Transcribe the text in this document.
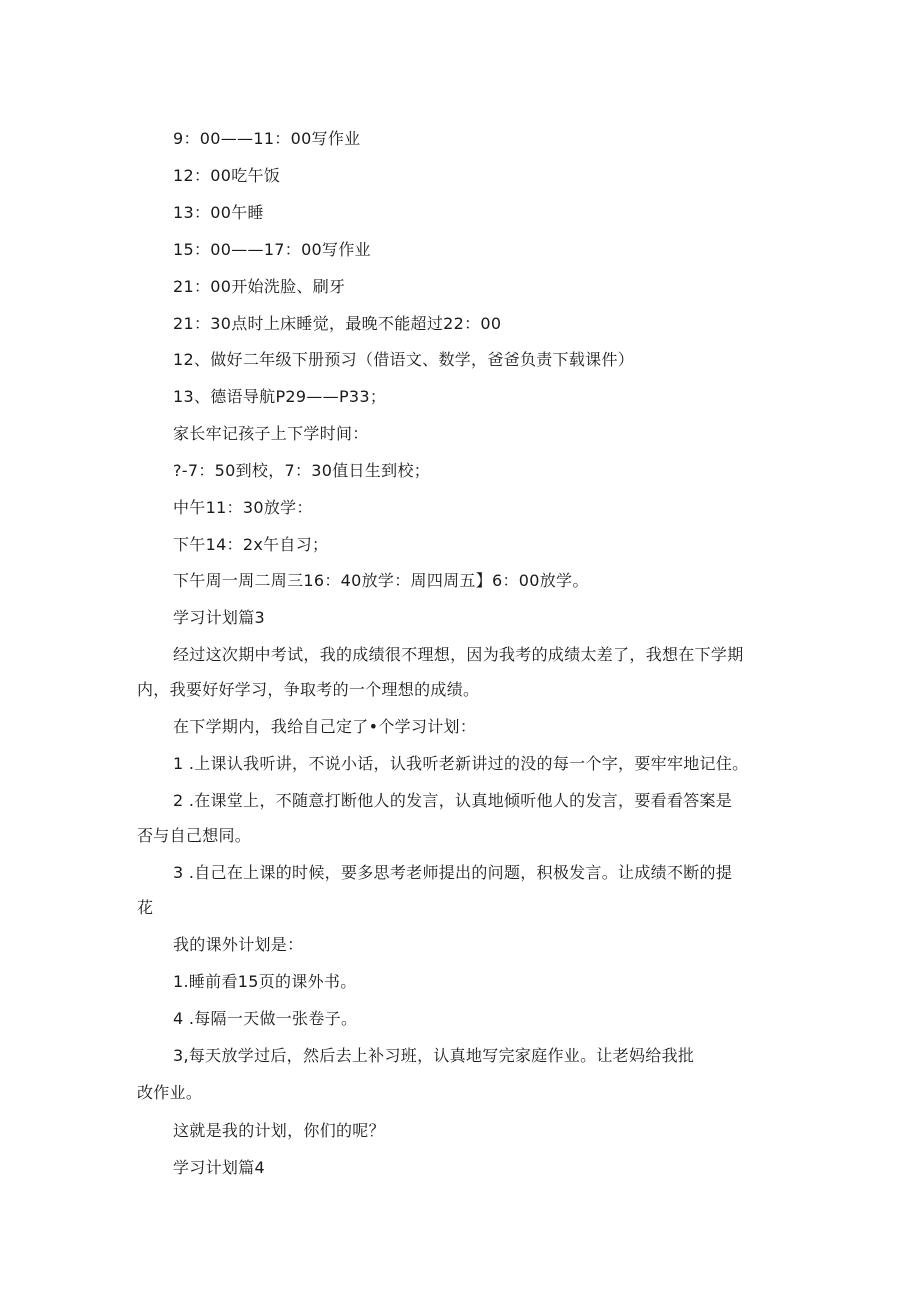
9：00——11：00写作业
12：00吃午饭
13：00午睡
15：00——17：00写作业
21：00开始洗脸、刷牙
21：30点时上床睡觉，最晚不能超过22：00
12、做好二年级下册预习（借语文、数学，爸爸负责下载课件）
13、德语导航P29——P33；
家长牢记孩子上下学时间：
?-7：50到校，7：30值日生到校；
中午11：30放学：
下午14：2x午自习；
下午周一周二周三16：40放学：周四周五】6：00放学。
学习计划篇3
经过这次期中考试，我的成绩很不理想，因为我考的成绩太差了，我想在下学期
内，我要好好学习，争取考的一个理想的成绩。
在下学期内，我给自己定了•个学习计划：
1 .上课认我听讲，不说小话，认我听老新讲过的没的每一个字，要牢牢地记住。
2 .在课堂上，不随意打断他人的发言，认真地倾听他人的发言，要看看答案是
否与自己想同。
3 .自己在上课的时候，要多思考老师提出的问题，积极发言。让成绩不断的提
花
我的课外计划是：
1.睡前看15页的课外书。
4 .每隔一天做一张卷子。
3,每天放学过后，然后去上补习班，认真地写完家庭作业。让老妈给我批
改作业。
这就是我的计划，你们的呢？
学习计划篇4
